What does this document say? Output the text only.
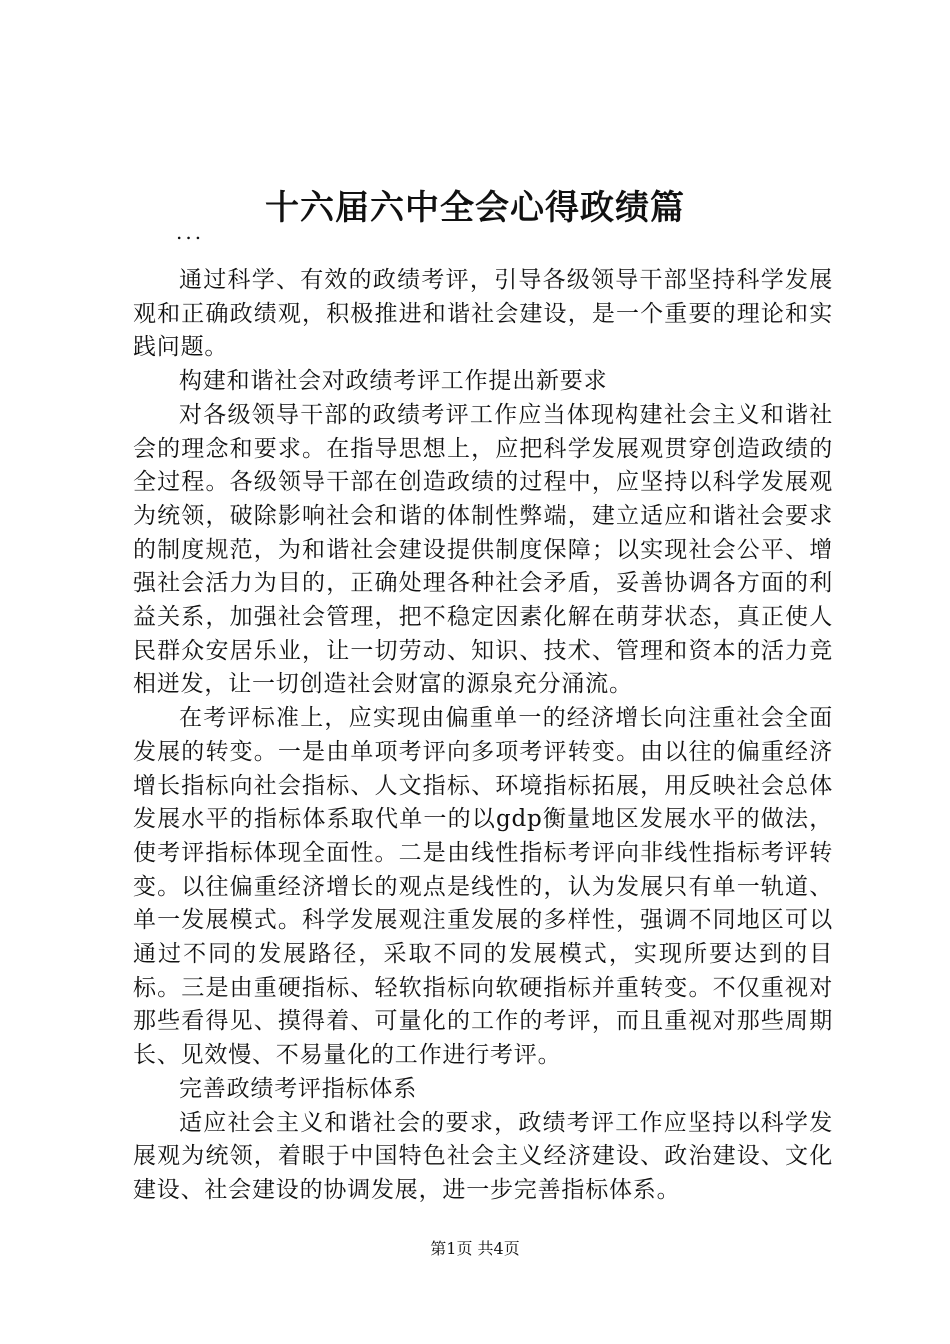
十六届六中全会心得政绩篇
...

通过科学、有效的政绩考评，引导各级领导干部坚持科学发展观和正确政绩观，积极推进和谐社会建设，是一个重要的理论和实践问题。

构建和谐社会对政绩考评工作提出新要求

对各级领导干部的政绩考评工作应当体现构建社会主义和谐社会的理念和要求。在指导思想上，应把科学发展观贯穿创造政绩的全过程。各级领导干部在创造政绩的过程中，应坚持以科学发展观为统领，破除影响社会和谐的体制性弊端，建立适应和谐社会要求的制度规范，为和谐社会建设提供制度保障；以实现社会公平、增强社会活力为目的，正确处理各种社会矛盾，妥善协调各方面的利益关系，加强社会管理，把不稳定因素化解在萌芽状态，真正使人民群众安居乐业，让一切劳动、知识、技术、管理和资本的活力竞相迸发，让一切创造社会财富的源泉充分涌流。

在考评标准上，应实现由偏重单一的经济增长向注重社会全面发展的转变。一是由单项考评向多项考评转变。由以往的偏重经济增长指标向社会指标、人文指标、环境指标拓展，用反映社会总体发展水平的指标体系取代单一的以gdp衡量地区发展水平的做法，使考评指标体现全面性。二是由线性指标考评向非线性指标考评转变。以往偏重经济增长的观点是线性的，认为发展只有单一轨道、单一发展模式。科学发展观注重发展的多样性，强调不同地区可以通过不同的发展路径，采取不同的发展模式，实现所要达到的目标。三是由重硬指标、轻软指标向软硬指标并重转变。不仅重视对那些看得见、摸得着、可量化的工作的考评，而且重视对那些周期长、见效慢、不易量化的工作进行考评。

完善政绩考评指标体系

适应社会主义和谐社会的要求，政绩考评工作应坚持以科学发展观为统领，着眼于中国特色社会主义经济建设、政治建设、文化建设、社会建设的协调发展，进一步完善指标体系。

第1页 共4页
